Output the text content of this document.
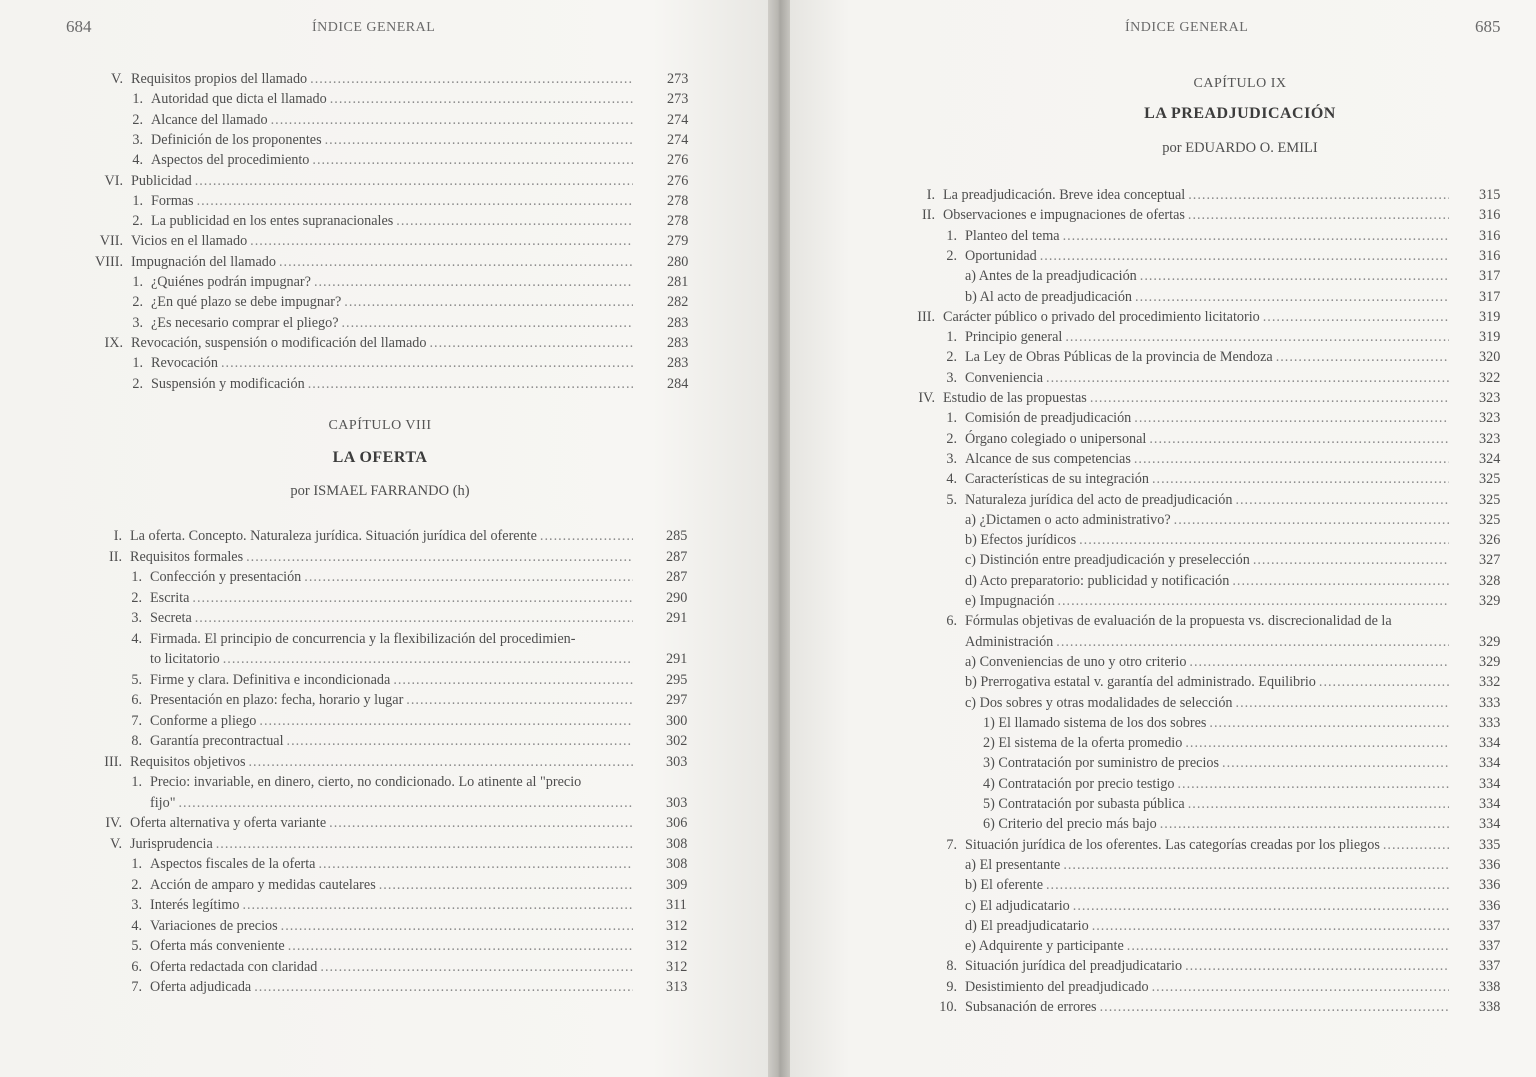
684	ÍNDICE GENERAL
V. Requisitos propios del llamado .....	273
1. Autoridad que dicta el llamado .....	273
2. Alcance del llamado .....	274
3. Definición de los proponentes .....	274
4. Aspectos del procedimiento .....	276
VI. Publicidad .....	276
1. Formas .....	278
2. La publicidad en los entes supranacionales .....	278
VII. Vicios en el llamado .....	279
VIII. Impugnación del llamado .....	280
1. ¿Quiénes podrán impugnar? .....	281
2. ¿En qué plazo se debe impugnar? .....	282
3. ¿Es necesario comprar el pliego? .....	283
IX. Revocación, suspensión o modificación del llamado .....	283
1. Revocación .....	283
2. Suspensión y modificación .....	284
CAPÍTULO VIII
LA OFERTA
por ISMAEL FARRANDO (h)
I. La oferta. Concepto. Naturaleza jurídica. Situación jurídica del oferente .....	285
II. Requisitos formales .....	287
1. Confección y presentación .....	287
2. Escrita .....	290
3. Secreta .....	291
4. Firmada. El principio de concurrencia y la flexibilización del procedimien-
to licitatorio .....	291
5. Firme y clara. Definitiva e incondicionada .....	295
6. Presentación en plazo: fecha, horario y lugar .....	297
7. Conforme a pliego .....	300
8. Garantía precontractual .....	302
III. Requisitos objetivos .....	303
1. Precio: invariable, en dinero, cierto, no condicionado. Lo atinente al "precio
fijo" .....	303
IV. Oferta alternativa y oferta variante .....	306
V. Jurisprudencia .....	308
1. Aspectos fiscales de la oferta .....	308
2. Acción de amparo y medidas cautelares .....	309
3. Interés legítimo .....	311
4. Variaciones de precios .....	312
5. Oferta más conveniente .....	312
6. Oferta redactada con claridad .....	312
7. Oferta adjudicada .....	313
685
ÍNDICE GENERAL
CAPÍTULO IX
LA PREADJUDICACIÓN
por EDUARDO O. EMILI
I. La preadjudicación. Breve idea conceptual .....	315
II. Observaciones e impugnaciones de ofertas .....	316
1. Planteo del tema .....	316
2. Oportunidad .....	316
a) Antes de la preadjudicación .....	317
b) Al acto de preadjudicación .....	317
III. Carácter público o privado del procedimiento licitatorio .....	319
1. Principio general .....	319
2. La Ley de Obras Públicas de la provincia de Mendoza .....	320
3. Conveniencia .....	322
IV. Estudio de las propuestas .....	323
1. Comisión de preadjudicación .....	323
2. Órgano colegiado o unipersonal .....	323
3. Alcance de sus competencias .....	324
4. Características de su integración .....	325
5. Naturaleza jurídica del acto de preadjudicación .....	325
a) ¿Dictamen o acto administrativo? .....	325
b) Efectos jurídicos .....	326
c) Distinción entre preadjudicación y preselección .....	327
d) Acto preparatorio: publicidad y notificación .....	328
e) Impugnación .....	329
6. Fórmulas objetivas de evaluación de la propuesta vs. discrecionalidad de la
Administración .....	329
a) Conveniencias de uno y otro criterio .....	329
b) Prerrogativa estatal v. garantía del administrado. Equilibrio .....	332
c) Dos sobres y otras modalidades de selección .....	333
1) El llamado sistema de los dos sobres .....	333
2) El sistema de la oferta promedio .....	334
3) Contratación por suministro de precios .....	334
4) Contratación por precio testigo .....	334
5) Contratación por subasta pública .....	334
6) Criterio del precio más bajo .....	334
7. Situación jurídica de los oferentes. Las categorías creadas por los pliegos .....	335
a) El presentante .....	336
b) El oferente .....	336
c) El adjudicatario .....	336
d) El preadjudicatario .....	337
e) Adquirente y participante .....	337
8. Situación jurídica del preadjudicatario .....	337
9. Desistimiento del preadjudicado .....	338
10. Subsanación de errores .....	338
